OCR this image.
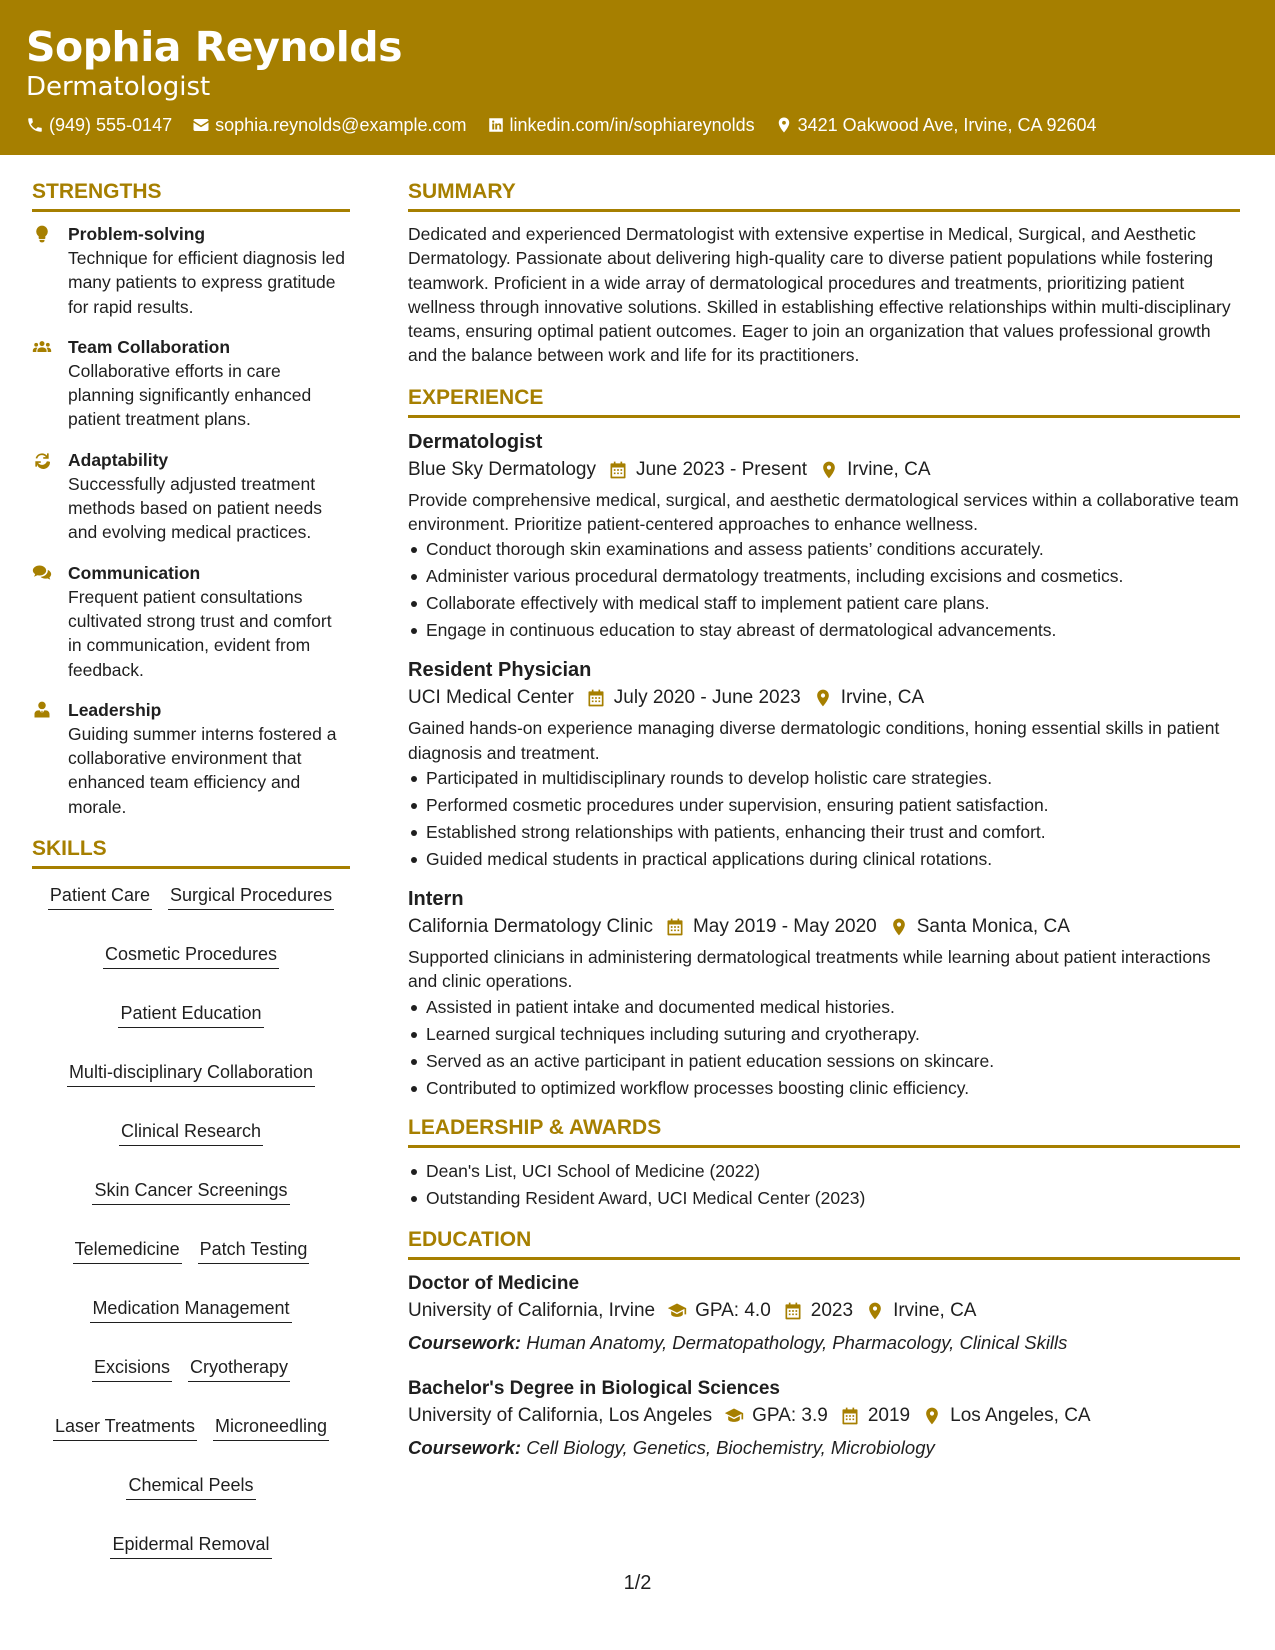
Sophia Reynolds
Dermatologist
(949) 555-0147 sophia.reynolds@example.com linkedin.com/in/sophiareynolds 3421 Oakwood Ave, Irvine, CA 92604
STRENGTHS
Problem-solving
Technique for efficient diagnosis led many patients to express gratitude for rapid results.
Team Collaboration
Collaborative efforts in care planning significantly enhanced patient treatment plans.
Adaptability
Successfully adjusted treatment methods based on patient needs and evolving medical practices.
Communication
Frequent patient consultations cultivated strong trust and comfort in communication, evident from feedback.
Leadership
Guiding summer interns fostered a collaborative environment that enhanced team efficiency and morale.
SKILLS
Patient Care Surgical Procedures
Cosmetic Procedures
Patient Education
Multi-disciplinary Collaboration
Clinical Research
Skin Cancer Screenings
Telemedicine Patch Testing
Medication Management
Excisions Cryotherapy
Laser Treatments Microneedling
Chemical Peels
Epidermal Removal
SUMMARY
Dedicated and experienced Dermatologist with extensive expertise in Medical, Surgical, and Aesthetic Dermatology. Passionate about delivering high-quality care to diverse patient populations while fostering teamwork. Proficient in a wide array of dermatological procedures and treatments, prioritizing patient wellness through innovative solutions. Skilled in establishing effective relationships within multi-disciplinary teams, ensuring optimal patient outcomes. Eager to join an organization that values professional growth and the balance between work and life for its practitioners.
EXPERIENCE
Dermatologist
Blue Sky Dermatology June 2023 - Present Irvine, CA
Provide comprehensive medical, surgical, and aesthetic dermatological services within a collaborative team environment. Prioritize patient-centered approaches to enhance wellness.
Conduct thorough skin examinations and assess patients’ conditions accurately.
Administer various procedural dermatology treatments, including excisions and cosmetics.
Collaborate effectively with medical staff to implement patient care plans.
Engage in continuous education to stay abreast of dermatological advancements.
Resident Physician
UCI Medical Center July 2020 - June 2023 Irvine, CA
Gained hands-on experience managing diverse dermatologic conditions, honing essential skills in patient diagnosis and treatment.
Participated in multidisciplinary rounds to develop holistic care strategies.
Performed cosmetic procedures under supervision, ensuring patient satisfaction.
Established strong relationships with patients, enhancing their trust and comfort.
Guided medical students in practical applications during clinical rotations.
Intern
California Dermatology Clinic May 2019 - May 2020 Santa Monica, CA
Supported clinicians in administering dermatological treatments while learning about patient interactions and clinic operations.
Assisted in patient intake and documented medical histories.
Learned surgical techniques including suturing and cryotherapy.
Served as an active participant in patient education sessions on skincare.
Contributed to optimized workflow processes boosting clinic efficiency.
LEADERSHIP & AWARDS
Dean's List, UCI School of Medicine (2022)
Outstanding Resident Award, UCI Medical Center (2023)
EDUCATION
Doctor of Medicine
University of California, Irvine GPA: 4.0 2023 Irvine, CA
Coursework: Human Anatomy, Dermatopathology, Pharmacology, Clinical Skills
Bachelor's Degree in Biological Sciences
University of California, Los Angeles GPA: 3.9 2019 Los Angeles, CA
Coursework: Cell Biology, Genetics, Biochemistry, Microbiology
1/2
